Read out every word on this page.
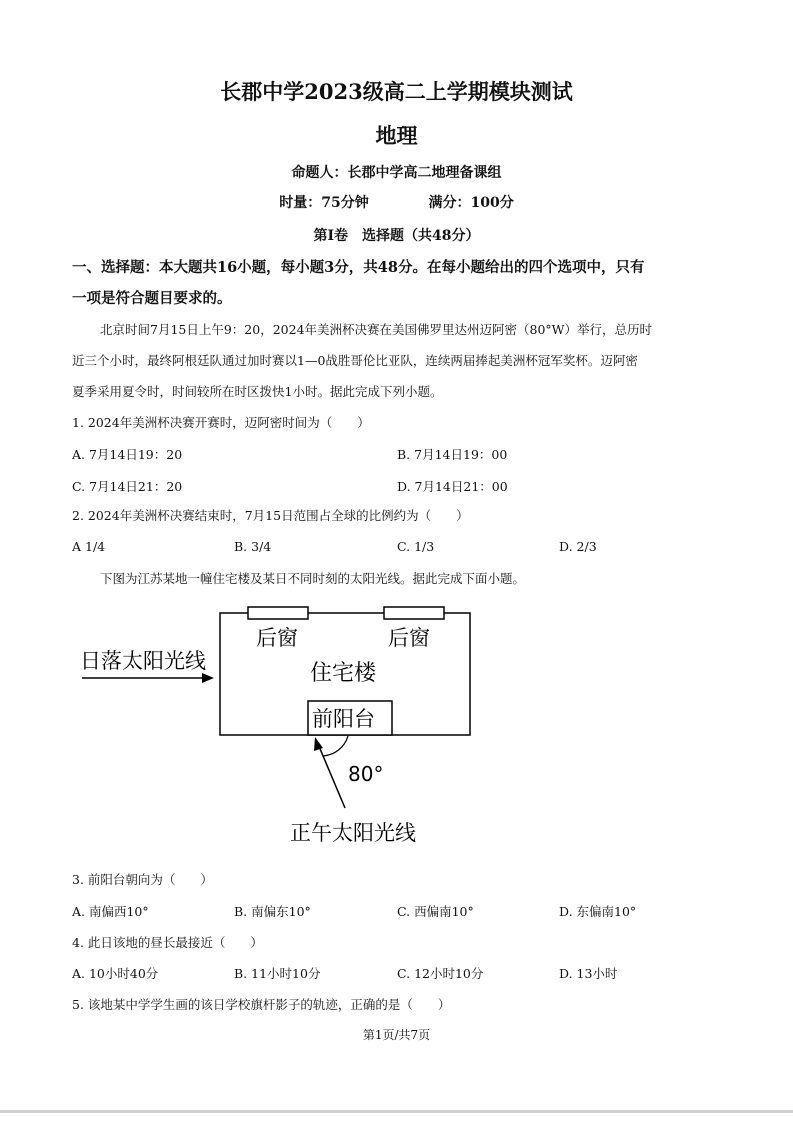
长郡中学2023级高二上学期模块测试
地理
命题人：长郡中学高二地理备课组
时量：75分钟	满分：100分
第Ⅰ卷　选择题（共48分）
一、选择题：本大题共16小题，每小题3分，共48分。在每小题给出的四个选项中，只有
一项是符合题目要求的。
北京时间7月15日上午9：20，2024年美洲杯决赛在美国佛罗里达州迈阿密（80°W）举行，总历时
近三个小时，最终阿根廷队通过加时赛以1—0战胜哥伦比亚队，连续两届捧起美洲杯冠军奖杯。迈阿密
夏季采用夏令时，时间较所在时区拨快1小时。据此完成下列小题。
1. 2024年美洲杯决赛开赛时，迈阿密时间为（　　）
A. 7月14日19：20	B. 7月14日19：00
C. 7月14日21：20	D. 7月14日21：00
2. 2024年美洲杯决赛结束时，7月15日范围占全球的比例约为（　　）
A 1/4	B. 3/4	C. 1/3	D. 2/3
下图为江苏某地一幢住宅楼及某日不同时刻的太阳光线。据此完成下面小题。
后窗	后窗
住宅楼
前阳台
日落太阳光线
80°
正午太阳光线
3. 前阳台朝向为（　　）
A. 南偏西10°	B. 南偏东10°	C. 西偏南10°	D. 东偏南10°
4. 此日该地的昼长最接近（　　）
A. 10小时40分	B. 11小时10分	C. 12小时10分	D. 13小时
5. 该地某中学学生画的该日学校旗杆影子的轨迹，正确的是（　　）
第1页/共7页
